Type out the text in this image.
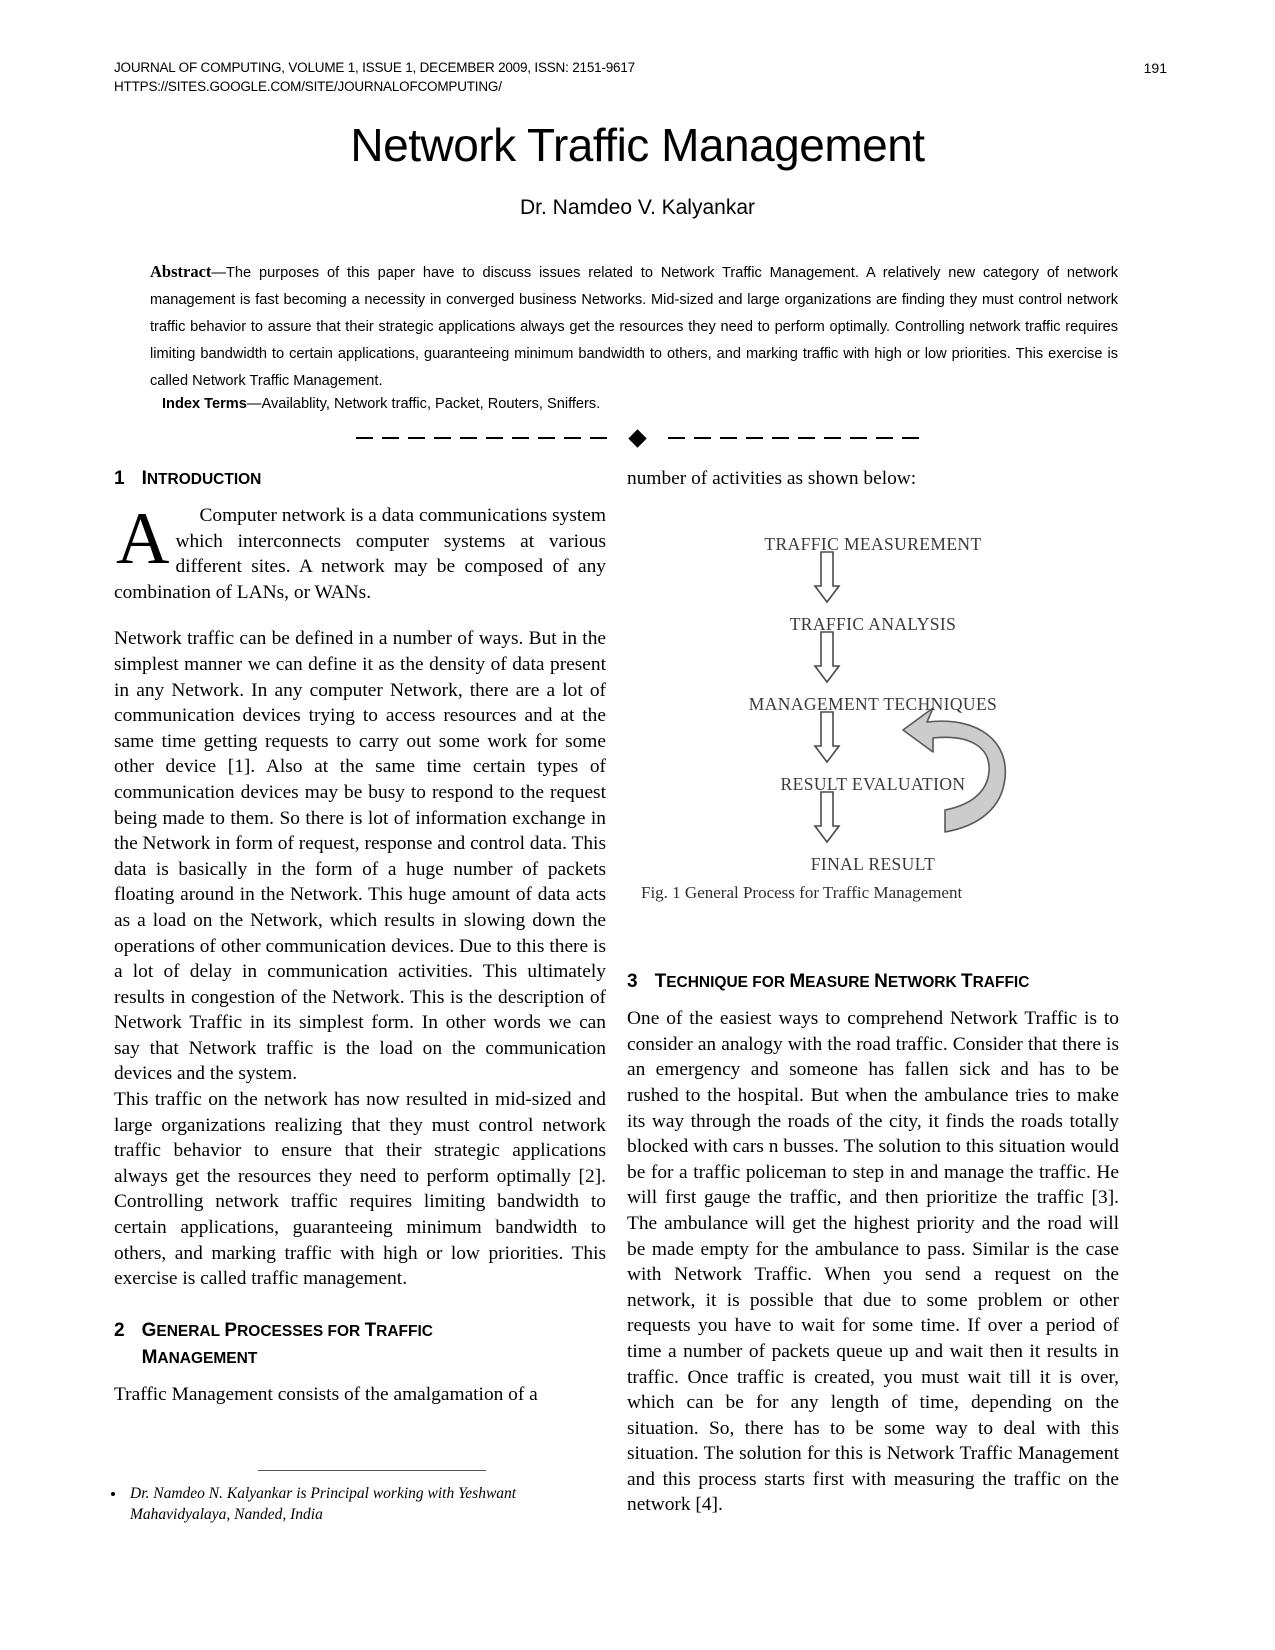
JOURNAL OF COMPUTING, VOLUME 1, ISSUE 1, DECEMBER 2009, ISSN: 2151-9617
HTTPS://SITES.GOOGLE.COM/SITE/JOURNALOFCOMPUTING/
191
Network Traffic Management
Dr. Namdeo V. Kalyankar
Abstract—The purposes of this paper have to discuss issues related to Network Traffic Management. A relatively new category of network management is fast becoming a necessity in converged business Networks. Mid-sized and large organizations are finding they must control network traffic behavior to assure that their strategic applications always get the resources they need to perform optimally. Controlling network traffic requires limiting bandwidth to certain applications, guaranteeing minimum bandwidth to others, and marking traffic with high or low priorities. This exercise is called Network Traffic Management.
Index Terms—Availablity, Network traffic, Packet, Routers, Sniffers.
1 INTRODUCTION

A	Computer network is a data communications system which interconnects computer systems at various different sites. A network may be composed of any combination of LANs, or WANs.

Network traffic can be defined in a number of ways. But in the simplest manner we can define it as the density of data present in any Network. In any computer Network, there are a lot of communication devices trying to access resources and at the same time getting requests to carry out some work for some other device [1]. Also at the same time certain types of communication devices may be busy to respond to the request being made to them. So there is lot of information exchange in the Network in form of request, response and control data. This data is basically in the form of a huge number of packets floating around in the Network. This huge amount of data acts as a load on the Network, which results in slowing down the operations of other communication devices. Due to this there is a lot of delay in communication activities. This ultimately results in congestion of the Network. This is the description of Network Traffic in its simplest form. In other words we can say that Network traffic is the load on the communication devices and the system.

This traffic on the network has now resulted in mid-sized and large organizations realizing that they must control network traffic behavior to ensure that their strategic applications always get the resources they need to perform optimally [2]. Controlling network traffic requires limiting bandwidth to certain applications, guaranteeing minimum bandwidth to others, and marking traffic with high or low priorities. This exercise is called traffic management.

2 GENERAL PROCESSES FOR TRAFFIC
MANAGEMENT

Traffic Management consists of the amalgamation of a

• Dr. Namdeo N. Kalyankar is Principal working with Yeshwant Mahavidyalaya, Nanded, India

number of activities as shown below:

TRAFFIC MEASUREMENT
TRAFFIC ANALYSIS
MANAGEMENT TECHNIQUES
RESULT EVALUATION
FINAL RESULT
Fig. 1 General Process for Traffic Management
3 TECHNIQUE FOR MEASURE NETWORK TRAFFIC

One of the easiest ways to comprehend Network Traffic is to consider an analogy with the road traffic. Consider that there is an emergency and someone has fallen sick and has to be rushed to the hospital. But when the ambulance tries to make its way through the roads of the city, it finds the roads totally blocked with cars n busses. The solution to this situation would be for a traffic policeman to step in and manage the traffic. He will first gauge the traffic, and then prioritize the traffic [3]. The ambulance will get the highest priority and the road will be made empty for the ambulance to pass. Similar is the case with Network Traffic. When you send a request on the network, it is possible that due to some problem or other requests you have to wait for some time. If over a period of time a number of packets queue up and wait then it results in traffic. Once traffic is created, you must wait till it is over, which can be for any length of time, depending on the situation. So, there has to be some way to deal with this situation. The solution for this is Network Traffic Management and this process starts first with measuring the traffic on the network [4].
